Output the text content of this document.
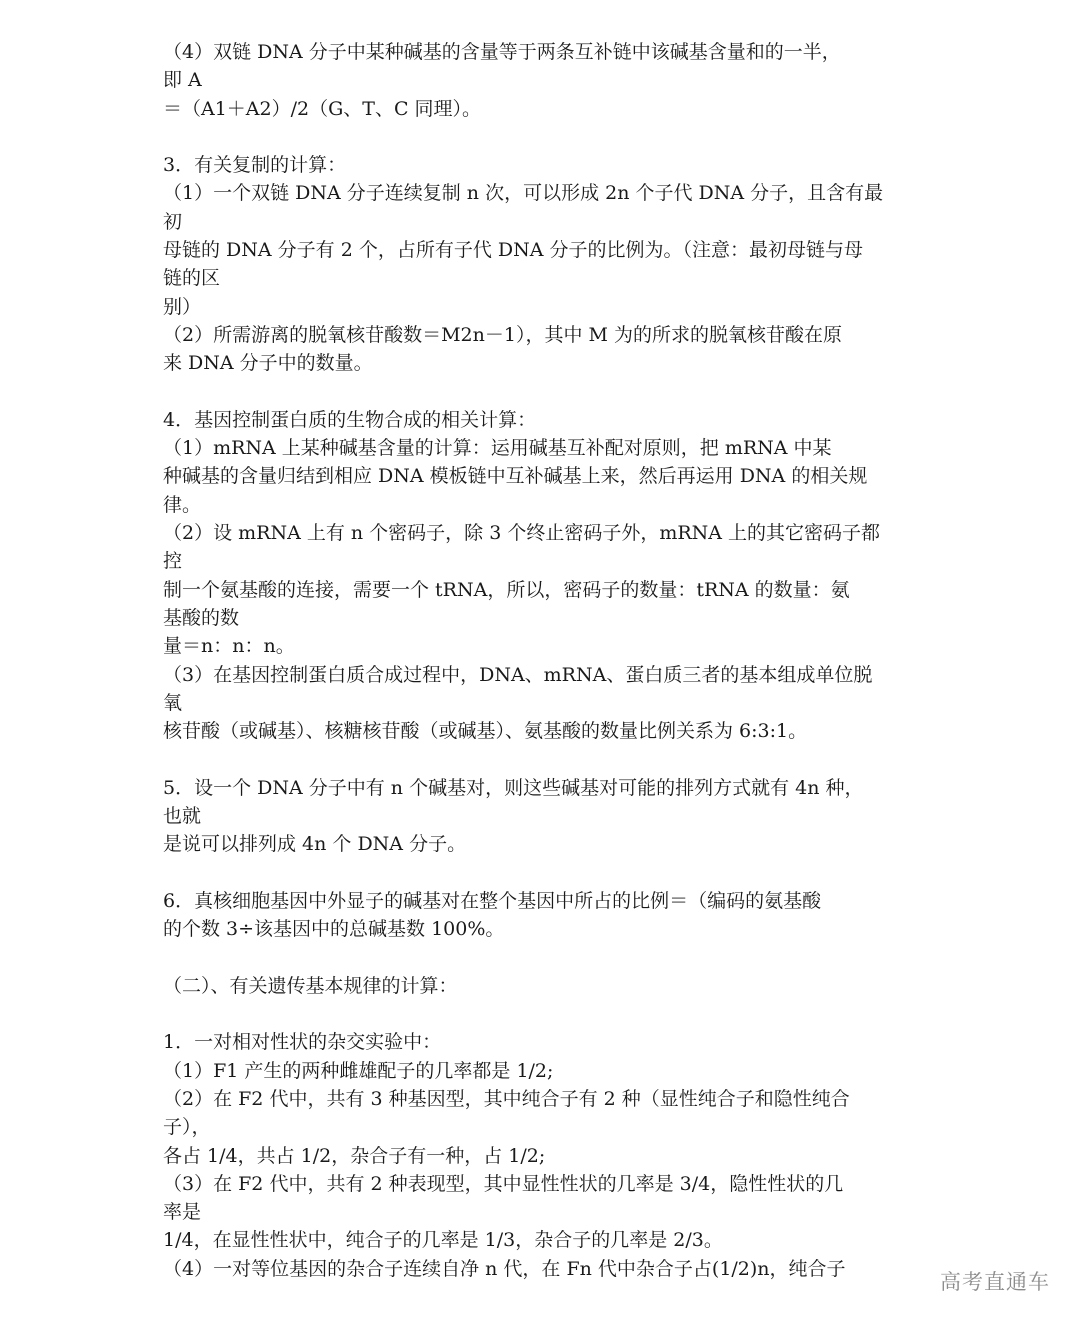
（4）双链 DNA 分子中某种碱基的含量等于两条互补链中该碱基含量和的一半，
即 A
＝（A1＋A2）/2（G、T、C 同理）。
3．有关复制的计算：
（1）一个双链 DNA 分子连续复制 n 次，可以形成 2n 个子代 DNA 分子，且含有最
初
母链的 DNA 分子有 2 个，占所有子代 DNA 分子的比例为。（注意：最初母链与母
链的区
别）
（2）所需游离的脱氧核苷酸数＝M2n－1），其中 M 为的所求的脱氧核苷酸在原
来 DNA 分子中的数量。
4．基因控制蛋白质的生物合成的相关计算：
（1）mRNA 上某种碱基含量的计算：运用碱基互补配对原则，把 mRNA 中某
种碱基的含量归结到相应 DNA 模板链中互补碱基上来，然后再运用 DNA 的相关规
律。
（2）设 mRNA 上有 n 个密码子，除 3 个终止密码子外，mRNA 上的其它密码子都
控
制一个氨基酸的连接，需要一个 tRNA，所以，密码子的数量：tRNA 的数量：氨
基酸的数
量＝n：n：n。
（3）在基因控制蛋白质合成过程中，DNA、mRNA、蛋白质三者的基本组成单位脱
氧
核苷酸（或碱基）、核糖核苷酸（或碱基）、氨基酸的数量比例关系为 6:3:1。
5．设一个 DNA 分子中有 n 个碱基对，则这些碱基对可能的排列方式就有 4n 种，
也就
是说可以排列成 4n 个 DNA 分子。
6．真核细胞基因中外显子的碱基对在整个基因中所占的比例＝（编码的氨基酸
的个数 3÷该基因中的总碱基数 100%。
（二）、有关遗传基本规律的计算：
1．一对相对性状的杂交实验中：
（1）F1 产生的两种雌雄配子的几率都是 1/2;
（2）在 F2 代中，共有 3 种基因型，其中纯合子有 2 种（显性纯合子和隐性纯合
子），
各占 1/4，共占 1/2，杂合子有一种，占 1/2;
（3）在 F2 代中，共有 2 种表现型，其中显性性状的几率是 3/4，隐性性状的几
率是
1/4，在显性性状中，纯合子的几率是 1/3，杂合子的几率是 2/3。
（4）一对等位基因的杂合子连续自净 n 代，在 Fn 代中杂合子占(1/2)n，纯合子
高考直通车
